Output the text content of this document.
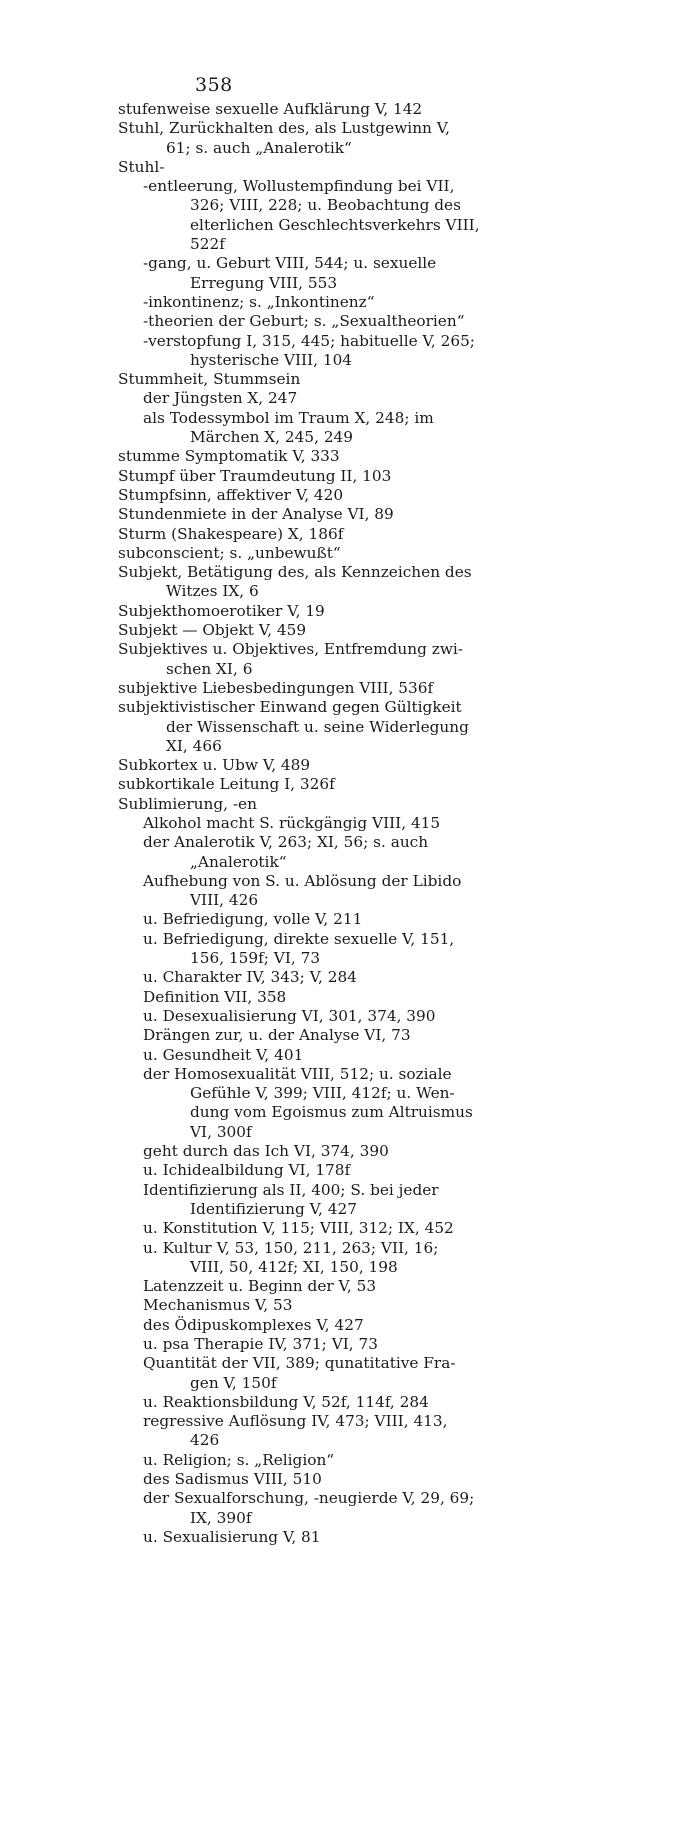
358

stufenweise sexuelle Aufklärung V, 142

Stuhl, Zurückhalten des, als Lustgewinn V,

61; s. auch „Analerotik“

Stuhl-

-entleerung, Wollustempfindung bei VII,

326; VIII, 228; u. Beobachtung des

elterlichen Geschlechtsverkehrs VIII,

522f

-gang, u. Geburt VIII, 544; u. sexuelle

Erregung VIII, 553

-inkontinenz; s. „Inkontinenz“

-theorien der Geburt; s. „Sexualtheorien“

-verstopfung I, 315, 445; habituelle V, 265;

hysterische VIII, 104

Stummheit, Stummsein

der Jüngsten X, 247

als Todessymbol im Traum X, 248; im

Märchen X, 245, 249

stumme Symptomatik V, 333

Stumpf über Traumdeutung II, 103

Stumpfsinn, affektiver V, 420

Stundenmiete in der Analyse VI, 89

Sturm (Shakespeare) X, 186f

subconscient; s. „unbewußt“

Subjekt, Betätigung des, als Kennzeichen des

Witzes IX, 6

Subjekthomoerotiker V, 19

Subjekt — Objekt V, 459

Subjektives u. Objektives, Entfremdung zwi-

schen XI, 6

subjektive Liebesbedingungen VIII, 536f

subjektivistischer Einwand gegen Gültigkeit

der Wissenschaft u. seine Widerlegung

XI, 466

Subkortex u. Ubw V, 489

subkortikale Leitung I, 326f

Sublimierung, -en

Alkohol macht S. rückgängig VIII, 415

der Analerotik V, 263; XI, 56; s. auch

„Analerotik“

Aufhebung von S. u. Ablösung der Libido

VIII, 426

u. Befriedigung, volle V, 211

u. Befriedigung, direkte sexuelle V, 151,

156, 159f; VI, 73

u. Charakter IV, 343; V, 284

Definition VII, 358

u. Desexualisierung VI, 301, 374, 390

Drängen zur, u. der Analyse VI, 73

u. Gesundheit V, 401

der Homosexualität VIII, 512; u. soziale

Gefühle V, 399; VIII, 412f; u. Wen-

dung vom Egoismus zum Altruismus

VI, 300f

geht durch das Ich VI, 374, 390

u. Ichidealbildung VI, 178f

Identifizierung als II, 400; S. bei jeder

Identifizierung V, 427

u. Konstitution V, 115; VIII, 312; IX, 452

u. Kultur V, 53, 150, 211, 263; VII, 16;

VIII, 50, 412f; XI, 150, 198

Latenzzeit u. Beginn der V, 53

Mechanismus V, 53

des Ödipuskomplexes V, 427

u. psa Therapie IV, 371; VI, 73

Quantität der VII, 389; qunatitative Fra-

gen V, 150f

u. Reaktionsbildung V, 52f, 114f, 284

regressive Auflösung IV, 473; VIII, 413,

426

u. Religion; s. „Religion“

des Sadismus VIII, 510

der Sexualforschung, -neugierde V, 29, 69;

IX, 390f

u. Sexualisierung V, 81
